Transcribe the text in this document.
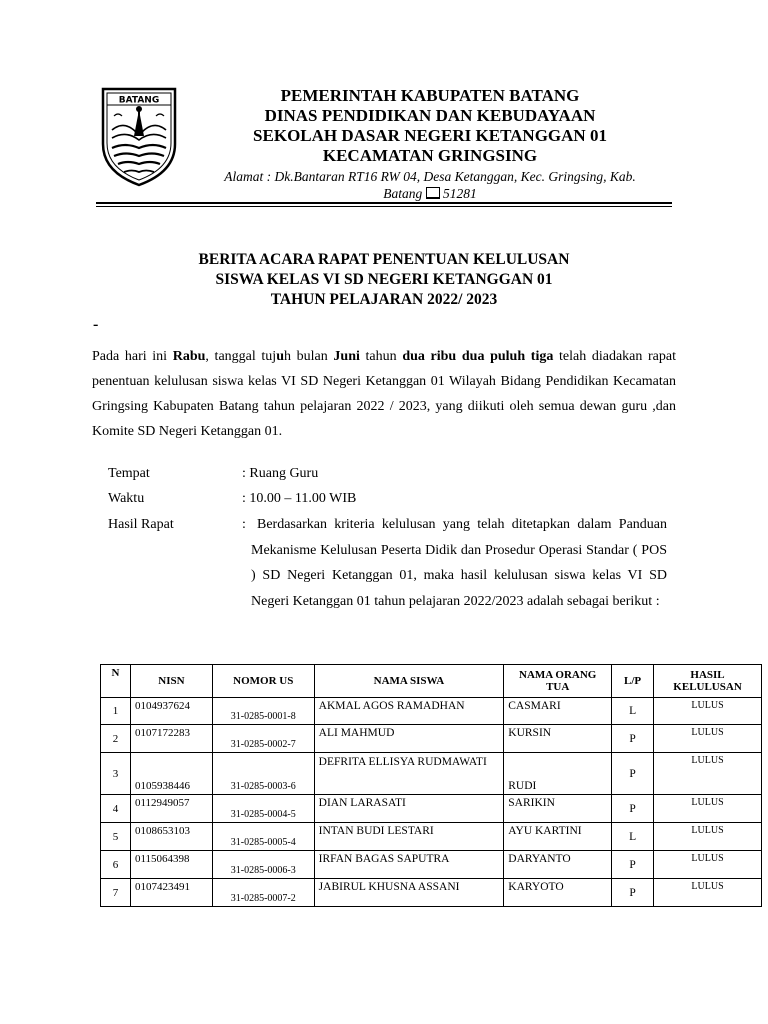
BATANG	PEMERINTAH KABUPATEN BATANG
DINAS PENDIDIKAN DAN KEBUDAYAAN
SEKOLAH DASAR NEGERI KETANGGAN 01
KECAMATAN GRINGSING
Alamat : Dk.Bantaran RT16 RW 04, Desa Ketanggan, Kec. Gringsing, Kab.
Batang 51281
BERITA ACARA RAPAT PENENTUAN KELULUSAN
SISWA KELAS VI SD NEGERI KETANGGAN 01
TAHUN PELAJARAN 2022/ 2023
-
Pada hari ini Rabu, tanggal tujuh bulan Juni tahun dua ribu dua puluh tiga telah diadakan rapat penentuan kelulusan siswa kelas VI SD Negeri Ketanggan 01 Wilayah Bidang Pendidikan Kecamatan Gringsing Kabupaten Batang tahun pelajaran 2022 / 2023, yang diikuti oleh semua dewan guru ,dan Komite SD Negeri Ketanggan 01.
Tempat	: Ruang Guru
Waktu	: 10.00 – 11.00 WIB
Hasil Rapat	: Berdasarkan kriteria kelulusan yang telah ditetapkan dalam Panduan Mekanisme Kelulusan Peserta Didik dan Prosedur Operasi Standar ( POS ) SD Negeri Ketanggan 01, maka hasil kelulusan siswa kelas VI SD Negeri Ketanggan 01 tahun pelajaran 2022/2023 adalah sebagai berikut :
N	NISN	NOMOR US	NAMA SISWA	NAMA ORANG TUA	L/P	HASIL KELULUSAN
1	0104937624	31-0285-0001-8	AKMAL AGOS RAMADHAN	CASMARI	L	LULUS
2	0107172283	31-0285-0002-7	ALI MAHMUD	KURSIN	P	LULUS
3	0105938446	31-0285-0003-6	DEFRITA ELLISYA RUDMAWATI	RUDI	P	LULUS
4	0112949057	31-0285-0004-5	DIAN LARASATI	SARIKIN	P	LULUS
5	0108653103	31-0285-0005-4	INTAN BUDI LESTARI	AYU KARTINI	L	LULUS
6	0115064398	31-0285-0006-3	IRFAN BAGAS SAPUTRA	DARYANTO	P	LULUS
7	0107423491	31-0285-0007-2	JABIRUL KHUSNA ASSANI	KARYOTO	P	LULUS
